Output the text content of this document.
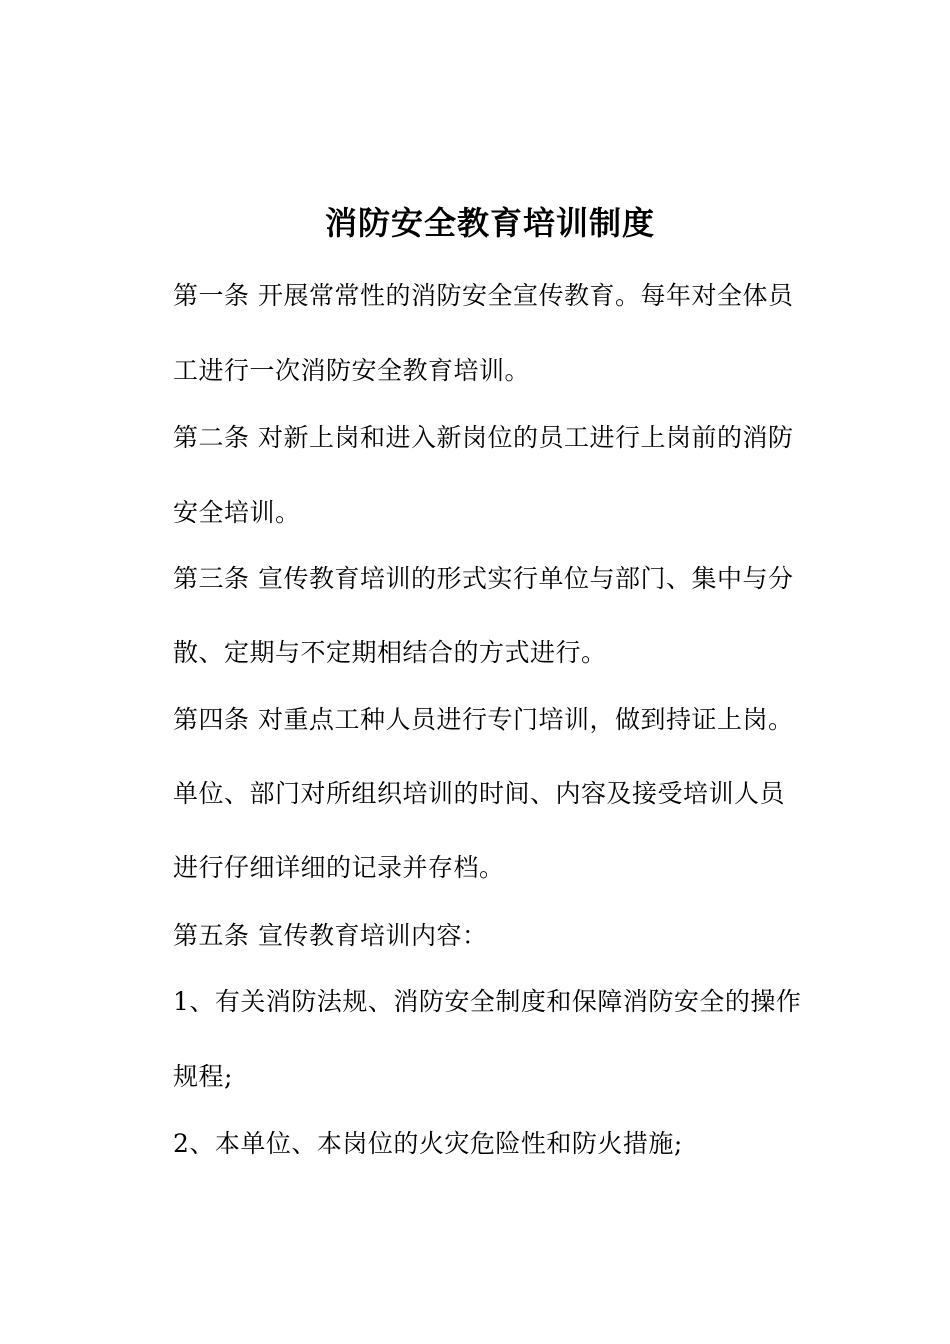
消防安全教育培训制度
第一条 开展常常性的消防安全宣传教育。每年对全体员
工进行一次消防安全教育培训。
第二条 对新上岗和进入新岗位的员工进行上岗前的消防
安全培训。
第三条 宣传教育培训的形式实行单位与部门、集中与分
散、定期与不定期相结合的方式进行。
第四条 对重点工种人员进行专门培训，做到持证上岗。
单位、部门对所组织培训的时间、内容及接受培训人员
进行仔细详细的记录并存档。
第五条 宣传教育培训内容：
1、有关消防法规、消防安全制度和保障消防安全的操作
规程;
2、本单位、本岗位的火灾危险性和防火措施;
